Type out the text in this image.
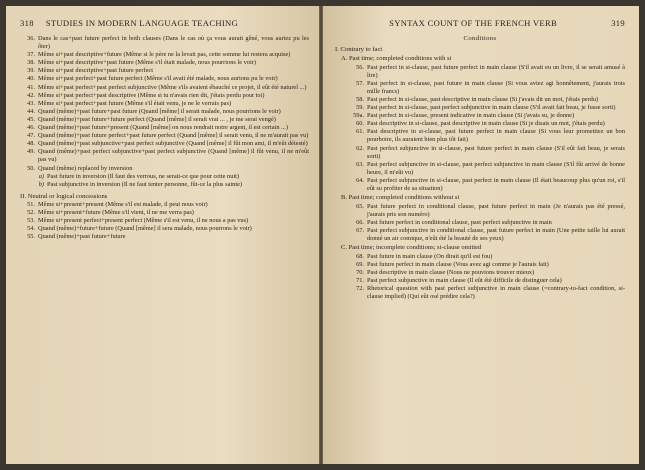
318	STUDIES IN MODERN LANGUAGE TEACHING
36. Dans le cas+past future perfect in both clauses (Dans le cas où ça vous aurait gêné, vous auriez pu les ôter)
37. Même si+past descriptive+future (Même si le père ne la levait pas, cette somme lui restera acquise)
38. Même si+past descriptive+past future (Même s'il était malade, nous pourrions le voir)
39. Même si+past descriptive+past future perfect
40. Même si+past perfect+past future perfect (Même s'il avait été malade, nous aurions pu le voir)
41. Même si+past perfect+past perfect subjunctive (Même s'ils avaient ébauché ce projet, il eût été naturel ...)
42. Même si+past perfect+past descriptive (Même si tu n'avais rien dit, j'étais perdu pour toi)
43. Même si+past perfect+past future (Même s'il était venu, je ne le verrais pas)
44. Quand (même)+past future+past future (Quand [même] il serait malade, nous pourrions le voir)
45. Quand (même)+past future+future perfect (Quand [même] il serait vrai ... , je me serai vengé)
46. Quand (même)+past future+present (Quand [même] on nous rendrait notre argent, il est certain ...)
47. Quand (même)+past future perfect+past future perfect (Quand [même] il serait venu, il ne m'aurait pas vu)
48. Quand (même)+past subjunctive+past perfect subjunctive (Quand [même] il fût mon ami, il m'eût détesté)
49. Quand (même)+past perfect subjunctive+past perfect subjunctive (Quand [même] il fût venu, il ne m'eût pas vu)
50. Quand (même) replaced by inversion
a) Past future in inversion (Il faut des verrous, ne serait-ce que pour cette nuit)
b) Past subjunctive in inversion (Il ne faut tenter personne, fût-ce la plus sainte)
II. Neutral or logical concessions
51. Même si+present+present (Même s'il est malade, il peut nous voir)
52. Même si+present+future (Même s'il vient, il ne me verra pas)
53. Même si+present perfect+present perfect (Même s'il est venu, il ne nous a pas vus)
54. Quand (même)+future+future (Quand [même] il sera malade, nous pourrons le voir)
55. Quand (même)+past future+future
SYNTAX COUNT OF THE FRENCH VERB	319
Conditions
I. Contrary to fact
A. Past time; completed conditions with si
56. Past perfect in si-clause, past future perfect in main clause (S'il avait eu un livre, il se serait amusé à lire)
57. Past perfect in si-clause, past future in main clause (Si vous aviez agi honnêtement, j'aurais trois mille francs)
58. Past perfect in si-clause, past descriptive in main clause (Si j'avais dit un mot, j'étais perdu)
59. Past perfect in si-clause, past perfect subjunctive in main clause (S'il avait fait beau, je fusse sorti)
59a. Past perfect in si-clause, present indicative in main clause (Si j'avais su, je donne)
60. Past descriptive in si-clause, past descriptive in main clause (Si je disais un mot, j'étais perdu)
61. Past descriptive in si-clause, past future perfect in main clause (Si vous leur promettiez un bon pourboire, ils auraient bien plus tôt fait)
62. Past perfect subjunctive in si-clause, past future perfect in main clause (S'il eût fait beau, je serais sorti)
63. Past perfect subjunctive in si-clause, past perfect subjunctive in main clause (S'il fût arrivé de bonne heure, il m'eût vu)
64. Past perfect subjunctive in si-clause, past perfect in main clause (Il était beaucoup plus qu'un roi, s'il eût su profiter de sa situation)
B. Past time; completed conditions without si
65. Past future perfect in conditional clause, past future perfect in main (Je n'aurais pas été pressé, j'aurais pris son numéro)
66. Past future perfect in conditional clause, past perfect subjunctive in main
67. Past perfect subjunctive in conditional clause, past future perfect in main (Une petite taille lui aurait donné un air comique, n'eût été la beauté de ses yeux)
C. Past time; incomplete conditions; si-clause omitted
68. Past future in main clause (On dirait qu'il est fou)
69. Past future perfect in main clause (Vous avez agi comme je l'aurais fait)
70. Past descriptive in main clause (Nous ne pouvions trouver mieux)
71. Past perfect subjunctive in main clause (Il eût été difficile de distinguer cela)
72. Rhetorical question with past perfect subjunctive in main clause (=contrary-to-fact condition, si-clause implied) (Qui eût osé prédire cela?)
